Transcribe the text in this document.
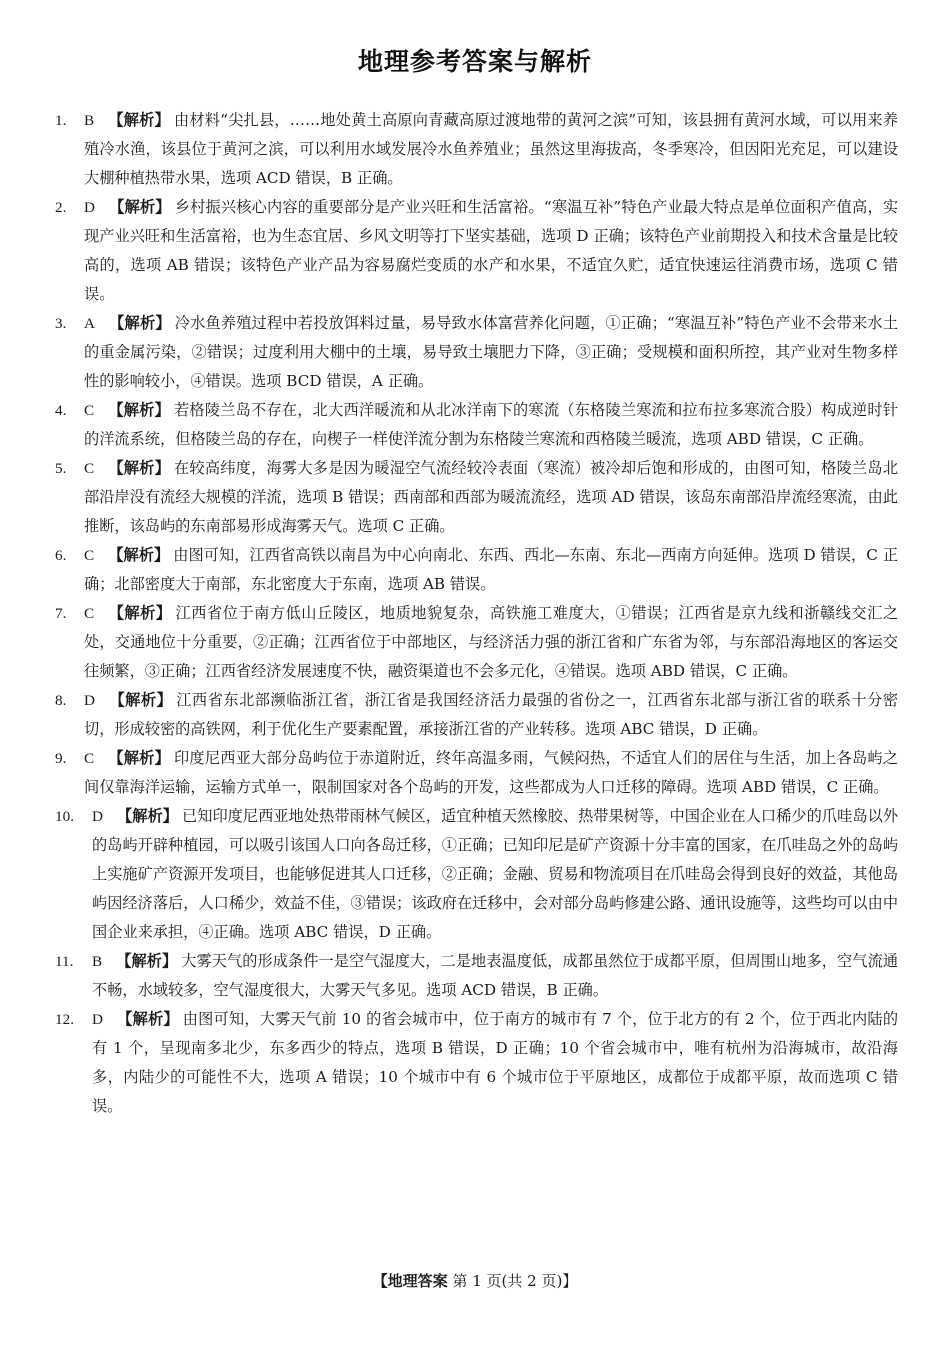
地理参考答案与解析
1. B 【解析】 由材料“尖扎县，……地处黄土高原向青藏高原过渡地带的黄河之滨”可知，该县拥有黄河水域，可以用来养殖冷水渔，该县位于黄河之滨，可以利用水域发展冷水鱼养殖业；虽然这里海拔高，冬季寒冷，但因阳光充足，可以建设大棚种植热带水果，选项 ACD 错误，B 正确。
2. D 【解析】 乡村振兴核心内容的重要部分是产业兴旺和生活富裕。“寒温互补”特色产业最大特点是单位面积产值高，实现产业兴旺和生活富裕，也为生态宜居、乡风文明等打下坚实基础，选项 D 正确；该特色产业前期投入和技术含量是比较高的，选项 AB 错误；该特色产业产品为容易腐烂变质的水产和水果，不适宜久贮，适宜快速运往消费市场，选项 C 错误。
3. A 【解析】 冷水鱼养殖过程中若投放饵料过量，易导致水体富营养化问题，①正确；“寒温互补”特色产业不会带来水土的重金属污染，②错误；过度利用大棚中的土壤，易导致土壤肥力下降，③正确；受规模和面积所控，其产业对生物多样性的影响较小，④错误。选项 BCD 错误，A 正确。
4. C 【解析】 若格陵兰岛不存在，北大西洋暖流和从北冰洋南下的寒流（东格陵兰寒流和拉布拉多寒流合股）构成逆时针的洋流系统，但格陵兰岛的存在，向楔子一样使洋流分割为东格陵兰寒流和西格陵兰暖流，选项 ABD 错误，C 正确。
5. C 【解析】 在较高纬度，海雾大多是因为暖湿空气流经较冷表面（寒流）被冷却后饱和形成的，由图可知，格陵兰岛北部沿岸没有流经大规模的洋流，选项 B 错误；西南部和西部为暖流流经，选项 AD 错误，该岛东南部沿岸流经寒流，由此推断，该岛屿的东南部易形成海雾天气。选项 C 正确。
6. C 【解析】 由图可知，江西省高铁以南昌为中心向南北、东西、西北—东南、东北—西南方向延伸。选项 D 错误，C 正确；北部密度大于南部，东北密度大于东南，选项 AB 错误。
7. C 【解析】 江西省位于南方低山丘陵区，地质地貌复杂，高铁施工难度大，①错误；江西省是京九线和浙赣线交汇之处，交通地位十分重要，②正确；江西省位于中部地区，与经济活力强的浙江省和广东省为邻，与东部沿海地区的客运交往频繁，③正确；江西省经济发展速度不快，融资渠道也不会多元化，④错误。选项 ABD 错误，C 正确。
8. D 【解析】 江西省东北部濒临浙江省，浙江省是我国经济活力最强的省份之一，江西省东北部与浙江省的联系十分密切，形成较密的高铁网，利于优化生产要素配置，承接浙江省的产业转移。选项 ABC 错误，D 正确。
9. C 【解析】 印度尼西亚大部分岛屿位于赤道附近，终年高温多雨，气候闷热，不适宜人们的居住与生活，加上各岛屿之间仅靠海洋运输，运输方式单一，限制国家对各个岛屿的开发，这些都成为人口迁移的障碍。选项 ABD 错误，C 正确。
10. D 【解析】 已知印度尼西亚地处热带雨林气候区，适宜种植天然橡胶、热带果树等，中国企业在人口稀少的爪哇岛以外的岛屿开辟种植园，可以吸引该国人口向各岛迁移，①正确；已知印尼是矿产资源十分丰富的国家，在爪哇岛之外的岛屿上实施矿产资源开发项目，也能够促进其人口迁移，②正确；金融、贸易和物流项目在爪哇岛会得到良好的效益，其他岛屿因经济落后，人口稀少，效益不佳，③错误；该政府在迁移中，会对部分岛屿修建公路、通讯设施等，这些均可以由中国企业来承担，④正确。选项 ABC 错误，D 正确。
11. B 【解析】 大雾天气的形成条件一是空气湿度大，二是地表温度低，成都虽然位于成都平原，但周围山地多，空气流通不畅，水域较多，空气湿度很大，大雾天气多见。选项 ACD 错误，B 正确。
12. D 【解析】 由图可知，大雾天气前 10 的省会城市中，位于南方的城市有 7 个，位于北方的有 2 个，位于西北内陆的有 1 个，呈现南多北少，东多西少的特点，选项 B 错误，D 正确；10 个省会城市中，唯有杭州为沿海城市，故沿海多，内陆少的可能性不大，选项 A 错误；10 个城市中有 6 个城市位于平原地区，成都位于成都平原，故而选项 C 错误。
【地理答案 第 1 页(共 2 页)】
